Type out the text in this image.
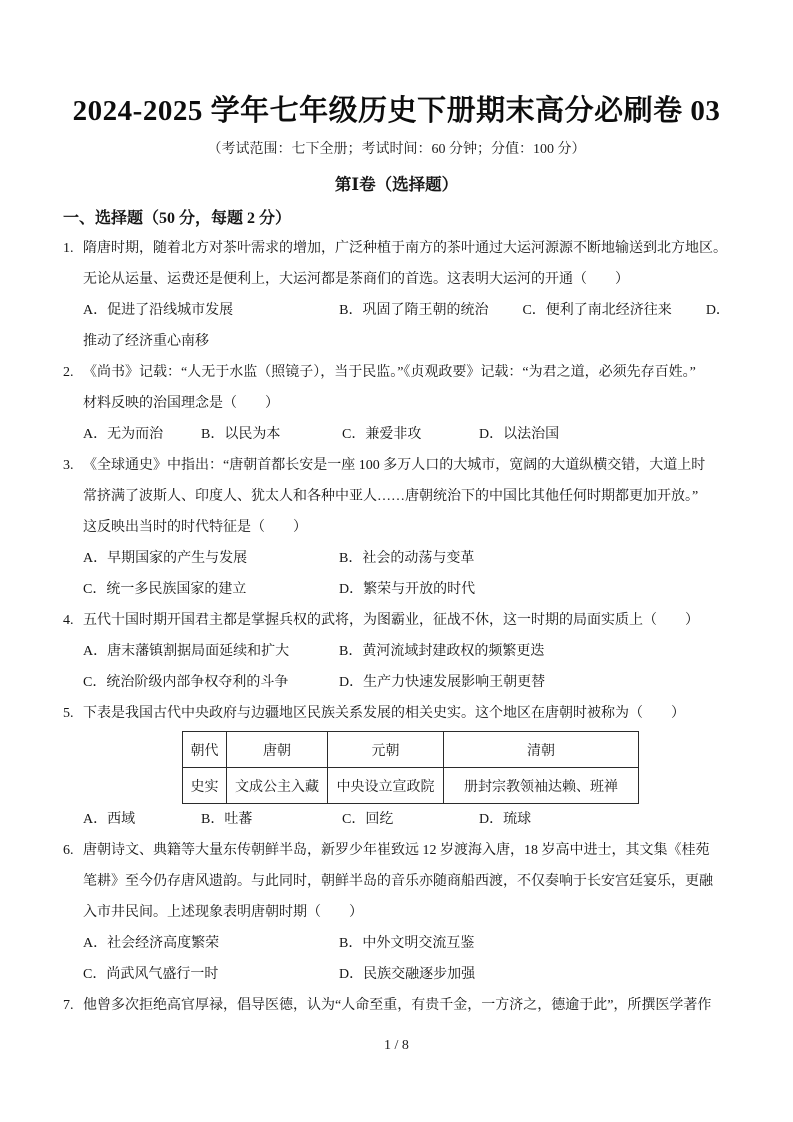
2024-2025 学年七年级历史下册期末高分必刷卷 03
（考试范围：七下全册；考试时间：60 分钟；分值：100 分）
第Ⅰ卷（选择题）
一、选择题（50 分，每题 2 分）
1. 隋唐时期，随着北方对茶叶需求的增加，广泛种植于南方的茶叶通过大运河源源不断地输送到北方地区。
无论从运量、运费还是便利上，大运河都是茶商们的首选。这表明大运河的开通（　　）
A．促进了沿线城市发展	B．巩固了隋王朝的统治 C．便利了南北经济往来 D．推动了经济重心南移
2. 《尚书》记载：“人无于水监（照镜子），当于民监。”《贞观政要》记载：“为君之道，必须先存百姓。”
材料反映的治国理念是（　　）
A．无为而治	B．以民为本	C．兼爱非攻	D．以法治国
3. 《全球通史》中指出：“唐朝首都长安是一座 100 多万人口的大城市，宽阔的大道纵横交错，大道上时
常挤满了波斯人、印度人、犹太人和各种中亚人……唐朝统治下的中国比其他任何时期都更加开放。”
这反映出当时的时代特征是（　　）
A．早期国家的产生与发展	B．社会的动荡与变革
C．统一多民族国家的建立	D．繁荣与开放的时代
4. 五代十国时期开国君主都是掌握兵权的武将，为图霸业，征战不休，这一时期的局面实质上（　　）
A．唐末藩镇割据局面延续和扩大	B．黄河流域封建政权的频繁更迭
C．统治阶级内部争权夺利的斗争	D．生产力快速发展影响王朝更替
5. 下表是我国古代中央政府与边疆地区民族关系发展的相关史实。这个地区在唐朝时被称为（　　）
朝代	唐朝	元朝	清朝
史实	文成公主入藏	中央设立宣政院	册封宗教领袖达赖、班禅
A．西域	B．吐蕃	C．回纥	D．琉球
6. 唐朝诗文、典籍等大量东传朝鲜半岛，新罗少年崔致远 12 岁渡海入唐，18 岁高中进士，其文集《桂苑
笔耕》至今仍存唐风遗韵。与此同时，朝鲜半岛的音乐亦随商船西渡，不仅奏响于长安宫廷宴乐，更融
入市井民间。上述现象表明唐朝时期（　　）
A．社会经济高度繁荣	B．中外文明交流互鉴
C．尚武风气盛行一时	D．民族交融逐步加强
7. 他曾多次拒绝高官厚禄，倡导医德，认为“人命至重，有贵千金，一方济之，德逾于此”，所撰医学著作
1 / 8
